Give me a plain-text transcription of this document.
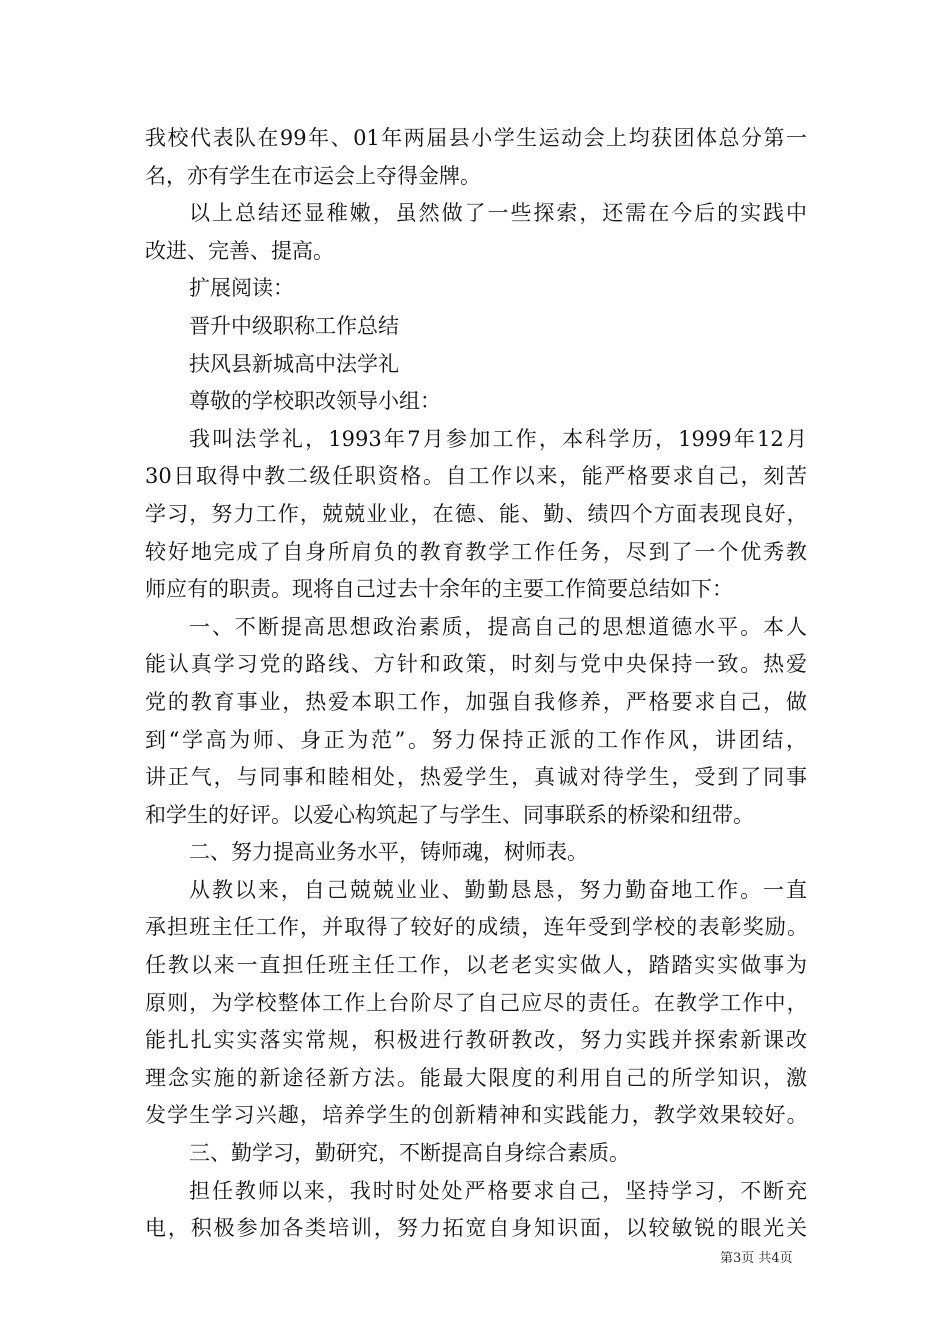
我校代表队在99年、01年两届县小学生运动会上均获团体总分第一
名，亦有学生在市运会上夺得金牌。
以上总结还显稚嫩，虽然做了一些探索，还需在今后的实践中
改进、完善、提高。
扩展阅读：
晋升中级职称工作总结
扶风县新城高中法学礼
尊敬的学校职改领导小组：
我叫法学礼，1993年7月参加工作，本科学历，1999年12月
30日取得中教二级任职资格。自工作以来，能严格要求自己，刻苦
学习，努力工作，兢兢业业，在德、能、勤、绩四个方面表现良好，
较好地完成了自身所肩负的教育教学工作任务，尽到了一个优秀教
师应有的职责。现将自己过去十余年的主要工作简要总结如下：
一、不断提高思想政治素质，提高自己的思想道德水平。本人
能认真学习党的路线、方针和政策，时刻与党中央保持一致。热爱
党的教育事业，热爱本职工作，加强自我修养，严格要求自己，做
到“学高为师、身正为范”。努力保持正派的工作作风，讲团结，
讲正气，与同事和睦相处，热爱学生，真诚对待学生，受到了同事
和学生的好评。以爱心构筑起了与学生、同事联系的桥梁和纽带。
二、努力提高业务水平，铸师魂，树师表。
从教以来，自己兢兢业业、勤勤恳恳，努力勤奋地工作。一直
承担班主任工作，并取得了较好的成绩，连年受到学校的表彰奖励。
任教以来一直担任班主任工作，以老老实实做人，踏踏实实做事为
原则，为学校整体工作上台阶尽了自己应尽的责任。在教学工作中，
能扎扎实实落实常规，积极进行教研教改，努力实践并探索新课改
理念实施的新途径新方法。能最大限度的利用自己的所学知识，激
发学生学习兴趣，培养学生的创新精神和实践能力，教学效果较好。
三、勤学习，勤研究，不断提高自身综合素质。
担任教师以来，我时时处处严格要求自己，坚持学习，不断充
电，积极参加各类培训，努力拓宽自身知识面，以较敏锐的眼光关
第3页 共4页
